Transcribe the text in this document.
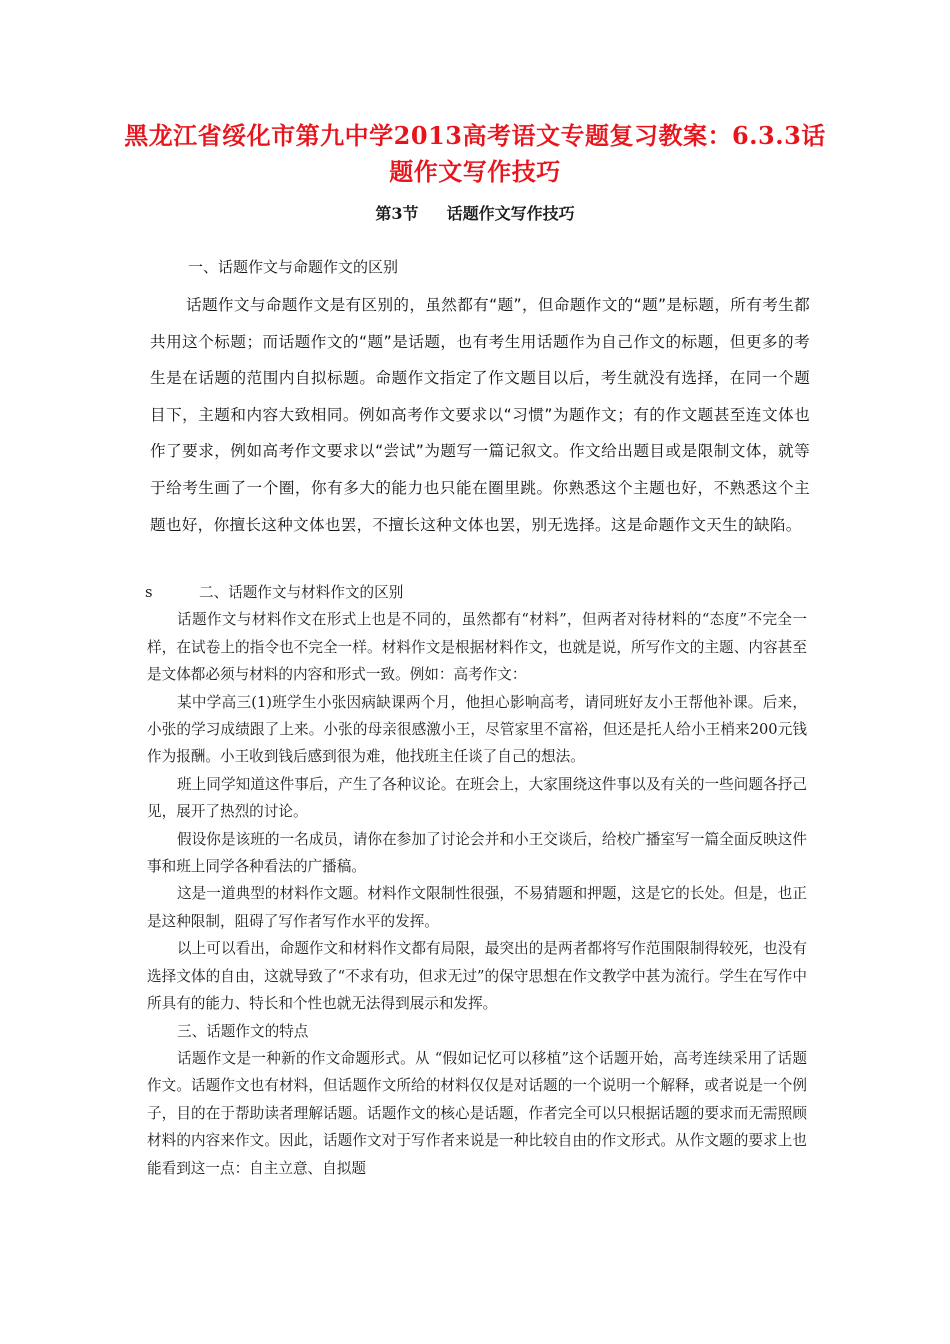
黑龙江省绥化市第九中学2013高考语文专题复习教案：6.3.3话题作文写作技巧
第3节 话题作文写作技巧
一、话题作文与命题作文的区别
话题作文与命题作文是有区别的，虽然都有“题”，但命题作文的“题”是标题，所有考生都共用这个标题；而话题作文的“题”是话题，也有考生用话题作为自己作文的标题，但更多的考生是在话题的范围内自拟标题。命题作文指定了作文题目以后，考生就没有选择，在同一个题目下，主题和内容大致相同。例如高考作文要求以“习惯”为题作文；有的作文题甚至连文体也作了要求，例如高考作文要求以“尝试”为题写一篇记叙文。作文给出题目或是限制文体，就等于给考生画了一个圈，你有多大的能力也只能在圈里跳。你熟悉这个主题也好，不熟悉这个主题也好，你擅长这种文体也罢，不擅长这种文体也罢，别无选择。这是命题作文天生的缺陷。
s	二、话题作文与材料作文的区别

话题作文与材料作文在形式上也是不同的，虽然都有“材料”，但两者对待材料的“态度”不完全一样，在试卷上的指令也不完全一样。材料作文是根据材料作文，也就是说，所写作文的主题、内容甚至是文体都必须与材料的内容和形式一致。例如：高考作文：

某中学高三(1)班学生小张因病缺课两个月，他担心影响高考，请同班好友小王帮他补课。后来，小张的学习成绩跟了上来。小张的母亲很感激小王，尽管家里不富裕，但还是托人给小王梢来200元钱作为报酬。小王收到钱后感到很为难，他找班主任谈了自己的想法。

班上同学知道这件事后，产生了各种议论。在班会上，大家围绕这件事以及有关的一些问题各抒己见，展开了热烈的讨论。

假设你是该班的一名成员，请你在参加了讨论会并和小王交谈后，给校广播室写一篇全面反映这件事和班上同学各种看法的广播稿。

这是一道典型的材料作文题。材料作文限制性很强，不易猜题和押题，这是它的长处。但是，也正是这种限制，阻碍了写作者写作水平的发挥。

以上可以看出，命题作文和材料作文都有局限，最突出的是两者都将写作范围限制得较死，也没有选择文体的自由，这就导致了“不求有功，但求无过”的保守思想在作文教学中甚为流行。学生在写作中所具有的能力、特长和个性也就无法得到展示和发挥。

三、话题作文的特点

话题作文是一种新的作文命题形式。从 “假如记忆可以移植”这个话题开始，高考连续采用了话题作文。话题作文也有材料，但话题作文所给的材料仅仅是对话题的一个说明一个解释，或者说是一个例子，目的在于帮助读者理解话题。话题作文的核心是话题，作者完全可以只根据话题的要求而无需照顾材料的内容来作文。因此，话题作文对于写作者来说是一种比较自由的作文形式。从作文题的要求上也能看到这一点：自主立意、自拟题
